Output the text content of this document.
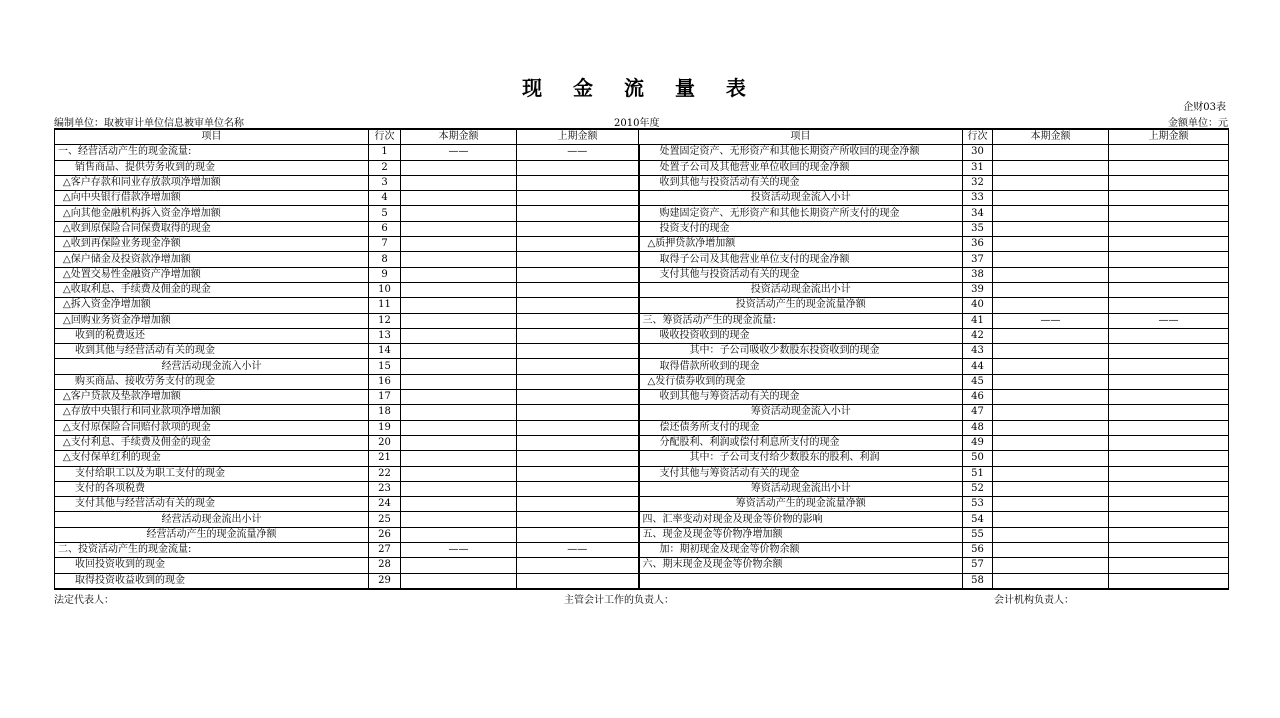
现 金 流 量 表
企财03表
编制单位：取被审计单位信息被审单位名称	2010年度	金额单位：元
项目	行次	本期金额	上期金额	项目	行次	本期金额	上期金额
一、经营活动产生的现金流量:	1	——	——	处置固定资产、无形资产和其他长期资产所收回的现金净额	30		
销售商品、提供劳务收到的现金	2			处置子公司及其他营业单位收回的现金净额	31		
△客户存款和同业存放款项净增加额	3			收到其他与投资活动有关的现金	32		
△向中央银行借款净增加额	4			投资活动现金流入小计	33		
△向其他金融机构拆入资金净增加额	5			购建固定资产、无形资产和其他长期资产所支付的现金	34		
△收到原保险合同保费取得的现金	6			投资支付的现金	35		
△收到再保险业务现金净额	7			△质押贷款净增加额	36		
△保户储金及投资款净增加额	8			取得子公司及其他营业单位支付的现金净额	37		
△处置交易性金融资产净增加额	9			支付其他与投资活动有关的现金	38		
△收取利息、手续费及佣金的现金	10			投资活动现金流出小计	39		
△拆入资金净增加额	11			投资活动产生的现金流量净额	40		
△回购业务资金净增加额	12			三、筹资活动产生的现金流量:	41	——	——
收到的税费返还	13			吸收投资收到的现金	42		
收到其他与经营活动有关的现金	14			其中：子公司吸收少数股东投资收到的现金	43		
经营活动现金流入小计	15			取得借款所收到的现金	44		
购买商品、接收劳务支付的现金	16			△发行债券收到的现金	45		
△客户贷款及垫款净增加额	17			收到其他与筹资活动有关的现金	46		
△存放中央银行和同业款项净增加额	18			筹资活动现金流入小计	47		
△支付原保险合同赔付款项的现金	19			偿还债务所支付的现金	48		
△支付利息、手续费及佣金的现金	20			分配股利、利润或偿付利息所支付的现金	49		
△支付保单红利的现金	21			其中：子公司支付给少数股东的股利、利润	50		
支付给职工以及为职工支付的现金	22			支付其他与筹资活动有关的现金	51		
支付的各项税费	23			筹资活动现金流出小计	52		
支付其他与经营活动有关的现金	24			筹资活动产生的现金流量净额	53		
经营活动现金流出小计	25			四、汇率变动对现金及现金等价物的影响	54		
经营活动产生的现金流量净额	26			五、现金及现金等价物净增加额	55		
二、投资活动产生的现金流量:	27	——	——	加：期初现金及现金等价物余额	56		
收回投资收到的现金	28			六、期末现金及现金等价物余额	57		
取得投资收益收到的现金	29				58		
法定代表人：	主管会计工作的负责人：	会计机构负责人：
